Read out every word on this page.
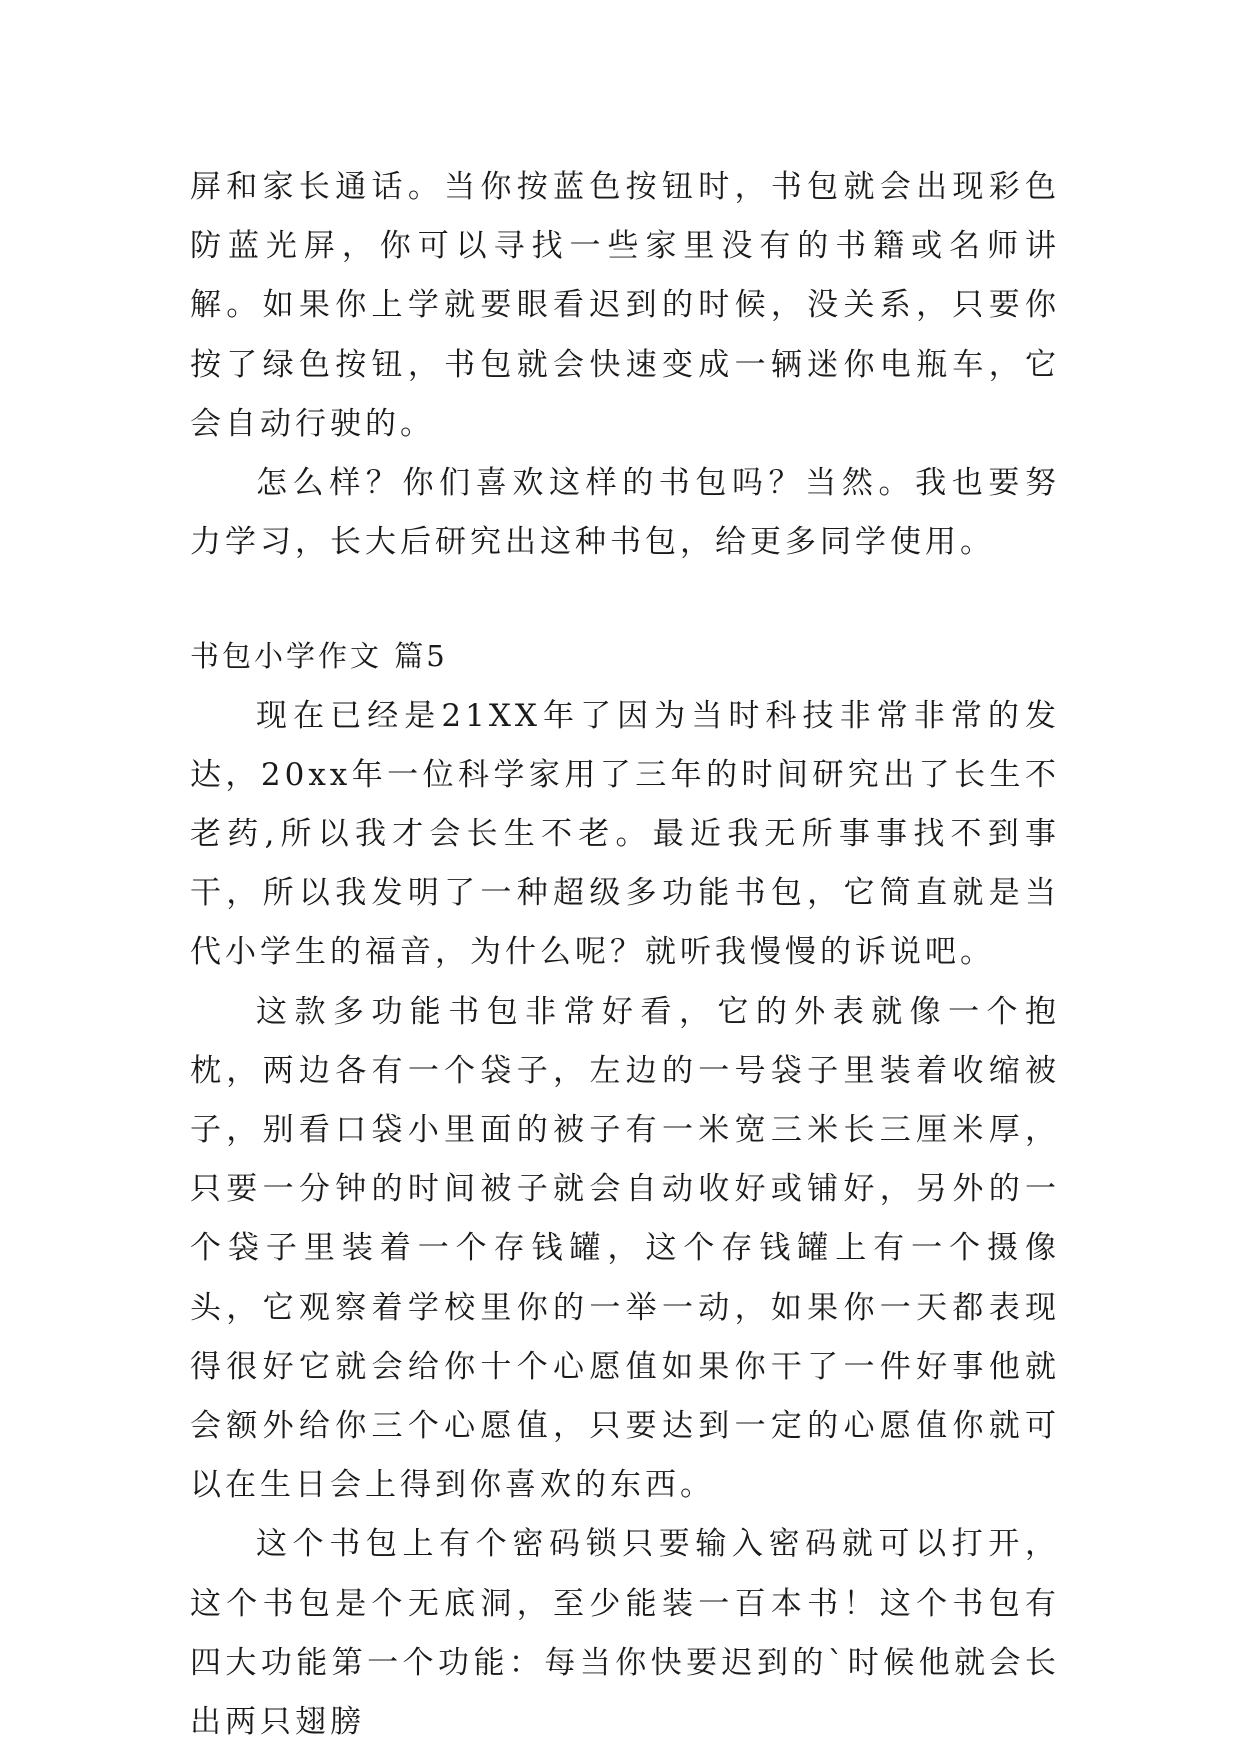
屏和家长通话。当你按蓝色按钮时，书包就会出现彩色防蓝光屏，你可以寻找一些家里没有的书籍或名师讲解。如果你上学就要眼看迟到的时候，没关系，只要你按了绿色按钮，书包就会快速变成一辆迷你电瓶车，它会自动行驶的。

怎么样？你们喜欢这样的书包吗？当然。我也要努力学习，长大后研究出这种书包，给更多同学使用。

书包小学作文 篇5

现在已经是21XX年了因为当时科技非常非常的发达，20xx年一位科学家用了三年的时间研究出了长生不老药,所以我才会长生不老。最近我无所事事找不到事干，所以我发明了一种超级多功能书包，它简直就是当代小学生的福音，为什么呢？就听我慢慢的诉说吧。

这款多功能书包非常好看，它的外表就像一个抱枕，两边各有一个袋子，左边的一号袋子里装着收缩被子，别看口袋小里面的被子有一米宽三米长三厘米厚，只要一分钟的时间被子就会自动收好或铺好，另外的一个袋子里装着一个存钱罐，这个存钱罐上有一个摄像头，它观察着学校里你的一举一动，如果你一天都表现得很好它就会给你十个心愿值如果你干了一件好事他就会额外给你三个心愿值，只要达到一定的心愿值你就可以在生日会上得到你喜欢的东西。

这个书包上有个密码锁只要输入密码就可以打开，这个书包是个无底洞，至少能装一百本书！这个书包有四大功能第一个功能：每当你快要迟到的`时候他就会长出两只翅膀
